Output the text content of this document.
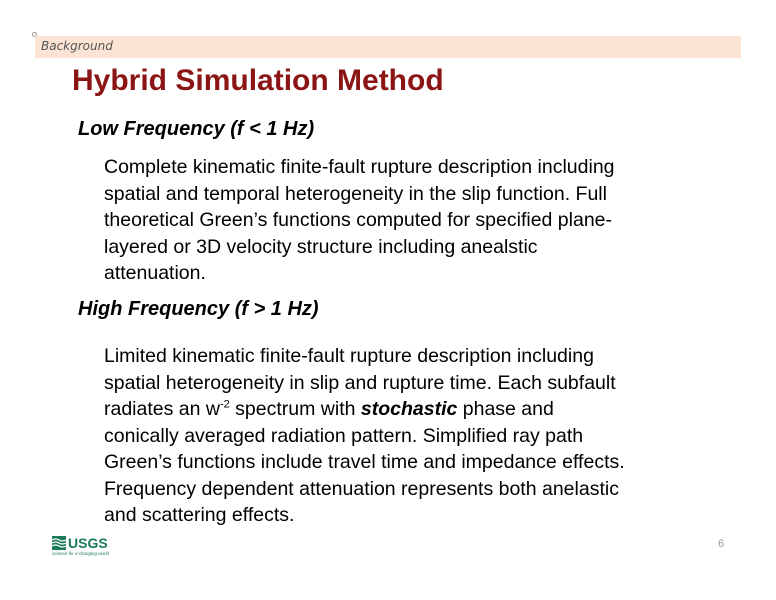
Background
Hybrid Simulation Method
Low Frequency (f < 1 Hz)
Complete kinematic finite-fault rupture description including
spatial and temporal heterogeneity in the slip function. Full
theoretical Green’s functions computed for specified plane-
layered or 3D velocity structure including anealstic
attenuation.
High Frequency (f > 1 Hz)
Limited kinematic finite-fault rupture description including
spatial heterogeneity in slip and rupture time. Each subfault
radiates an $w^{-2}$ spectrum with stochastic phase and
conically averaged radiation pattern. Simplified ray path
Green’s functions include travel time and impedance effects.
Frequency dependent attenuation represents both anelastic
and scattering effects.
USGS
science for a changing world
6
